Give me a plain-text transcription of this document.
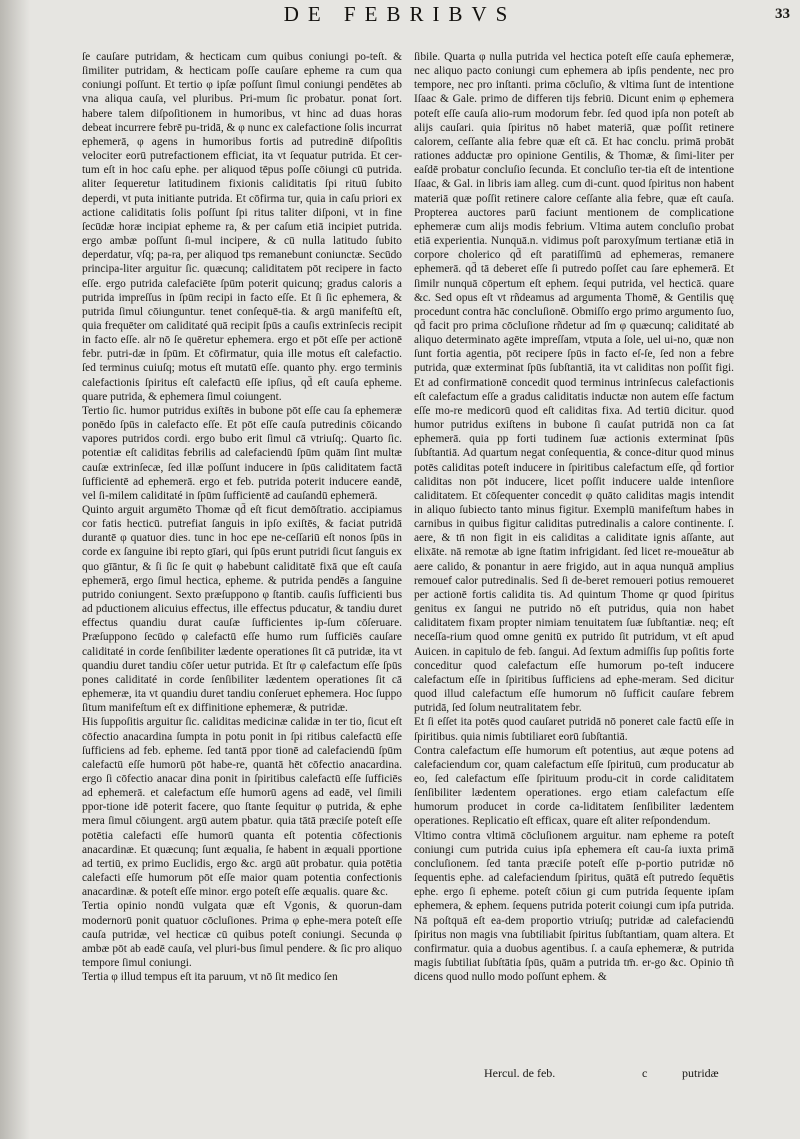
DE FEBRIBVS	33

ſe cauſare putridam, & hecticam cum quibus coniungi po-teſt. & ſimiliter putridam, & hecticam poſſe cauſare epheme ra cum qua coniungi poſſunt. Et tertio φ ipſæ poſſunt ſimul coniungi pendētes ab vna aliqua cauſa, vel pluribus. Pri-mum ſic probatur. ponat ſort. habere talem diſpoſitionem in humoribus, vt hinc ad duas horas debeat incurrere febrē pu-tridā, & φ nunc ex calefactione ſolis incurrat ephemerā, φ agens in humoribus fortis ad putredinē diſpoſitis velociter eorū putrefactionem efficiat, ita vt ſequatur putrida. Et cer-tum eſt in hoc caſu ephe. per aliquod tēpus poſſe cōiungi cū putrida. aliter ſequeretur latitudinem fixionis caliditatis ſpi rituū ſubito deperdi, vt puta initiante putrida. Et cōfirma tur, quia in caſu priori ex actione caliditatis ſolis poſſunt ſpi ritus taliter diſponi, vt in fine ſecūdæ horæ incipiat epheme ra, & per caſum etiā incipiet putrida. ergo ambæ poſſunt ſi-mul incipere, & cū nulla latitudo ſubito deperdatur, vſq; pa-ra, per aliquod tps remanebunt coniunctæ. Secūdo principa-liter arguitur ſic. quæcunq; caliditatem pōt recipere in facto eſſe. ergo putrida calefaciēte ſpūm poterit quicunq; gradus caloris a putrida impreſſus in ſpūm recipi in facto eſſe. Et ſi ſic ephemera, & putrida ſimul cōiunguntur. tenet conſequē-tia. & argū manifeſtū eſt, quia frequēter om caliditaté quā recipit ſpūs a cauſis extrinſecis recipit in facto eſſe. alr nō ſe quēretur ephemera. ergo et pōt eſſe per actionē febr. putri-dæ in ſpūm. Et cōfirmatur, quia ille motus eſt calefactio. ſed terminus cuiuſq; motus eſt mutatū eſſe. quanto phy. ergo terminis calefactionis ſpiritus eſt calefactū eſſe ipſius, qd̄ eſt cauſa epheme. quare putrida, & ephemera ſimul coiungent.

Tertio ſic. humor putridus exiſtēs in bubone pōt eſſe cau ſa ephemeræ ponēdo ſpūs in calefacto eſſe. Et pōt eſſe cauſa putredinis cōicando vapores putridos cordi. ergo bubo erit ſimul cā vtriuſq;. Quarto ſic. potentiæ eſt caliditas febrilis ad calefaciendū ſpūm quām ſint multæ cauſæ extrinſecæ, ſed illæ poſſunt inducere in ſpūs caliditatem factā ſufficientē ad ephemerā. ergo et feb. putrida poterit inducere eandē, vel ſi-milem caliditaté in ſpūm ſufficientē ad cauſandū ephemerā.

Quinto arguit argumēto Thomæ qd̄ eſt ficut demōſtratio. accipiamus cor fatis hecticū. putrefiat ſanguis in ipſo exiſtēs, & faciat putridā durantē φ quatuor dies. tunc in hoc epe ne-ceſſariū eſt nonos ſpūs in corde ex ſanguine ibi repto gīari, qui ſpūs erunt putridi ſicut ſanguis ex quo gīāntur, & ſi ſic ſe quit φ habebunt caliditatē fixā que eſt cauſa ephemerā, ergo ſimul hectica, epheme. & putrida pendēs a ſanguine putrido coniungent. Sexto præſuppono φ ſtantib. cauſis ſufficienti bus ad pductionem alicuius effectus, ille effectus pducatur, & tandiu duret effectus quandiu durat cauſæ ſufficientes ip-ſum cōſeruare. Præſuppono ſecūdo φ calefactū eſſe humo rum ſufficiēs cauſare caliditaté in corde ſenſibiliter lædente operationes ſit cā putridæ, ita vt quandiu duret tandiu cōſer uetur putrida. Et ſtr φ calefactum eſſe ſpūs pones caliditaté in corde ſenſibiliter lædentem operationes ſit cā ephemeræ, ita vt quandiu duret tandiu conſeruet ephemera. Hoc ſuppo ſitum manifeſtum eſt ex diffinitione ephemeræ, & putridæ.

His ſuppoſitis arguitur ſic. caliditas medicinæ calidæ in ter tio, ſicut eſt cōfectio anacardina ſumpta in potu ponit in ſpi ritibus calefactū eſſe ſufficiens ad feb. epheme. ſed tantā ppor tionē ad calefaciendū ſpūm calefactū eſſe humorū pōt habe-re, quantā hēt cōfectio anacardina. ergo ſi cōfectio anacar dina ponit in ſpiritibus calefactū eſſe ſufficiēs ad ephemerā. et calefactum eſſe humorū agens ad eadē, vel ſimili ppor-tione idē poterit facere, quo ſtante ſequitur φ putrida, & ephe mera ſimul cōiungent. argū autem pbatur. quia tātā præciſe poteſt eſſe potētia calefacti eſſe humorū quanta eſt potentia cōfectionis anacardinæ. Et quæcunq; ſunt æqualia, ſe habent in æquali pportione ad tertiū, ex primo Euclidis, ergo &c. argū aūt probatur. quia potētia calefacti eſſe humorum pōt eſſe maior quam potentia confectionis anacardinæ. & poteſt eſſe minor. ergo poteſt eſſe æqualis. quare &c.

Tertia opinio nondū vulgata quæ eſt Vgonis, & quorun-dam modernorū ponit quatuor cōcluſiones. Prima φ ephe-mera poteſt eſſe cauſa putridæ, vel hecticæ cū quibus poteſt coniungi. Secunda φ ambæ pōt ab eadē cauſa, vel pluri-bus ſimul pendere. & ſic pro aliquo tempore ſimul coniungi.

Tertia φ illud tempus eſt ita paruum, vt nō ſit medico ſen

ſibile. Quarta φ nulla putrida vel hectica poteſt eſſe cauſa ephemeræ, nec aliquo pacto coniungi cum ephemera ab ipſis pendente, nec pro tempore, nec pro inſtanti. prima cōcluſio, & vltima ſunt de intentione Iſaac & Gale. primo de differen tijs febriū. Dicunt enim φ ephemera poteſt eſſe cauſa alio-rum modorum febr. ſed quod ipſa non poteſt ab alijs cauſari. quia ſpiritus nō habet materiā, quæ poſſit retinere calorem, ceſſante alia febre quæ eſt cā. Et hac conclu. primā probāt rationes adductæ pro opinione Gentilis, & Thomæ, & ſimi-liter per eaſdē probatur concluſio ſecunda. Et concluſio ter-tia eſt de intentione Iſaac, & Gal. in libris iam alleg. cum di-cunt. quod ſpiritus non habent materiā quæ poſſit retinere calore ceſſante alia febre, quæ eſt cauſa. Propterea auctores parū faciunt mentionem de complicatione ephemeræ cum alijs modis febrium. Vltima autem concluſio probat etiā experientia. Nunquā.n. vidimus poſt paroxyſmum tertianæ etiā in corpore cholerico qd̄ eſt paratiſſimū ad ephemeras, remanere ephemerā. qd̄ tā deberet eſſe ſi putredo poſſet cau ſare ephemerā. Et ſimilr nunquā cōpertum eſt ephem. ſequi putrida, vel hecticā. quare &c. Sed opus eſt vt rñdeamus ad argumenta Thomē, & Gentilis quę procedunt contra hāc concluſionē. Obmiſſo ergo primo argumento ſuo, qd̄ facit pro prima cōcluſione rñdetur ad ſm φ quæcunq; caliditaté ab aliquo determinato agēte impreſſam, vtputa a ſole, uel ui-no, quæ non ſunt fortia agentia, pōt recipere ſpūs in facto eſ-ſe, ſed non a febre putrida, quæ exterminat ſpūs ſubſtantiā, ita vt caliditas non poſſit figi. Et ad confirmationē concedit quod terminus intrinſecus calefactionis eſt calefactum eſſe a gradus caliditatis inductæ non autem eſſe factum eſſe mo-re medicorū quod eſt caliditas fixa. Ad tertiū dicitur. quod humor putridus exiſtens in bubone ſi cauſat putridā non ca ſat ephemerā. quia pp forti tudinem ſuæ actionis exterminat ſpūs ſubſtantiā. Ad quartum negat conſequentia, & conce-ditur quod minus potēs caliditas poteſt inducere in ſpiritibus calefactum eſſe, qd̄ fortior caliditas non pōt inducere, licet poſſit inducere ualde intenſiore caliditatem. Et cōſequenter concedit φ quāto caliditas magis intendit in aliquo ſubiecto tanto minus figitur. Exemplū manifeſtum habes in carnibus in quibus figitur caliditas putredinalis a calore continente. ſ. aere, & tn̄ non figit in eis caliditas a caliditate ignis aſſante, aut elixāte. nā remotæ ab igne ſtatim infrigidant. ſed licet re-moueātur ab aere calido, & ponantur in aere frigido, aut in aqua nunquā amplius remouef calor putredinalis. Sed ſi de-beret remoueri potius remoueret per actionē fortis calidita tis. Ad quintum Thome qr quod ſpiritus genitus ex ſangui ne putrido nō eſt putridus, quia non habet caliditatem fixam propter nimiam tenuitatem ſuæ ſubſtantiæ. neq; eſt neceſſa-rium quod omne genitū ex putrido ſit putridum, vt eſt apud Auicen. in capitulo de feb. ſangui. Ad ſextum admiſſis ſup poſitis forte conceditur quod calefactum eſſe humorum po-teſt inducere calefactum eſſe in ſpiritibus ſufficiens ad ephe-meram. Sed dicitur quod illud calefactum eſſe humorum nō ſufficit cauſare febrem putridā, ſed ſolum neutralitatem febr.

Et ſi eſſet ita potēs quod cauſaret putridā nō poneret cale factū eſſe in ſpiritibus. quia nimis ſubtiliaret eorū ſubſtantiā.

Contra calefactum eſſe humorum eſt potentius, aut æque potens ad calefaciendum cor, quam calefactum eſſe ſpirituū, cum producatur ab eo, ſed calefactum eſſe ſpirituum produ-cit in corde caliditatem ſenſibiliter lædentem operationes. ergo etiam calefactum eſſe humorum producet in corde ca-liditatem ſenſibiliter lædentem operationes. Replicatio eſt efficax, quare eſt aliter reſpondendum.

Vltimo contra vltimā cōcluſionem arguitur. nam epheme ra poteſt coniungi cum putrida cuius ipſa ephemera eſt cau-ſa iuxta primā concluſionem. ſed tanta præciſe poteſt eſſe p-portio putridæ nō ſequentis ephe. ad calefaciendum ſpiritus, quātā eſt putredo ſequētis ephe. ergo ſi epheme. poteſt cōiun gi cum putrida ſequente ipſam ephemera, & ephem. ſequens putrida poterit coiungi cum ipſa putrida. Nā poſtquā eſt ea-dem proportio vtriuſq; putridæ ad calefaciendū ſpiritus non magis vna ſubtiliabit ſpiritus ſubſtantiam, quam altera. Et confirmatur. quia a duobus agentibus. ſ. a cauſa ephemeræ, & putrida magis ſubtiliat ſubſtātia ſpūs, quām a putrida tm̄. er-go &c. Opinio tñ dicens quod nullo modo poſſunt ephem. &

Hercul. de feb.	c	putridæ
